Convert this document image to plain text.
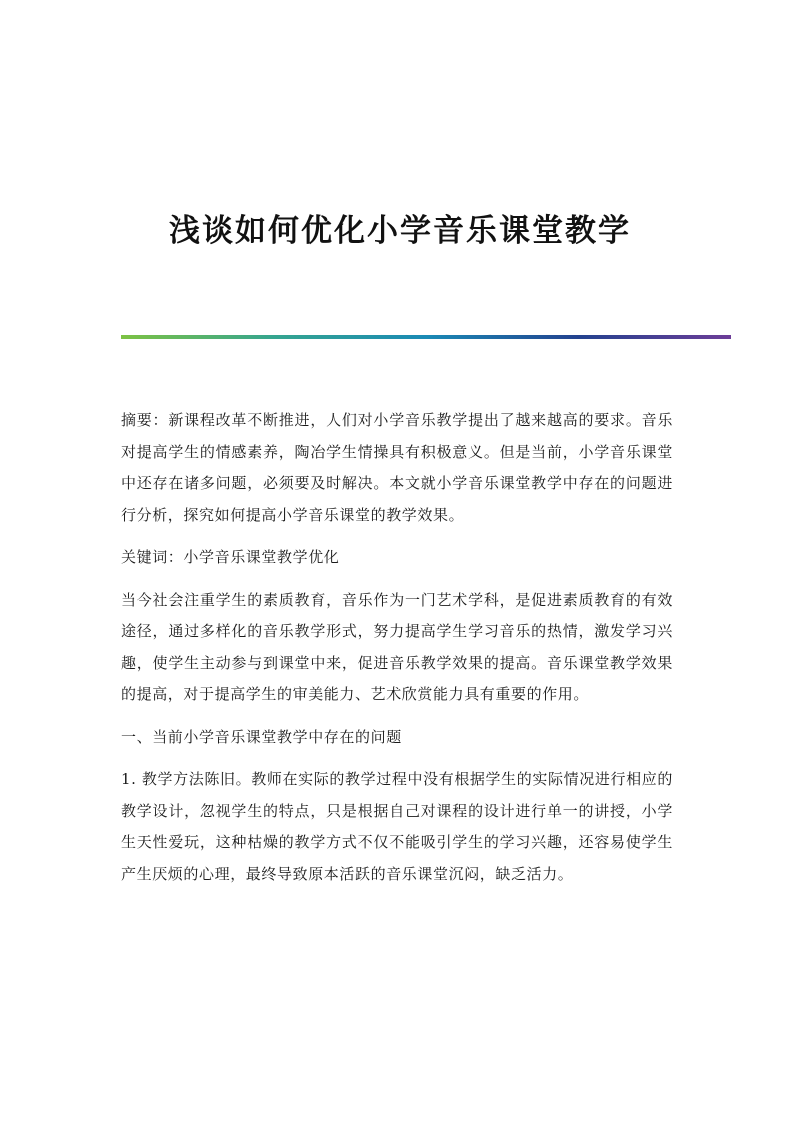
浅谈如何优化小学音乐课堂教学

摘要：新课程改革不断推进，人们对小学音乐教学提出了越来越高的要求。音乐对提高学生的情感素养，陶冶学生情操具有积极意义。但是当前，小学音乐课堂中还存在诸多问题，必须要及时解决。本文就小学音乐课堂教学中存在的问题进行分析，探究如何提高小学音乐课堂的教学效果。

关键词：小学音乐课堂教学优化

当今社会注重学生的素质教育，音乐作为一门艺术学科，是促进素质教育的有效途径，通过多样化的音乐教学形式，努力提高学生学习音乐的热情，激发学习兴趣，使学生主动参与到课堂中来，促进音乐教学效果的提高。音乐课堂教学效果的提高，对于提高学生的审美能力、艺术欣赏能力具有重要的作用。

一、当前小学音乐课堂教学中存在的问题

1. 教学方法陈旧。教师在实际的教学过程中没有根据学生的实际情况进行相应的教学设计，忽视学生的特点，只是根据自己对课程的设计进行单一的讲授，小学生天性爱玩，这种枯燥的教学方式不仅不能吸引学生的学习兴趣，还容易使学生产生厌烦的心理，最终导致原本活跃的音乐课堂沉闷，缺乏活力。
